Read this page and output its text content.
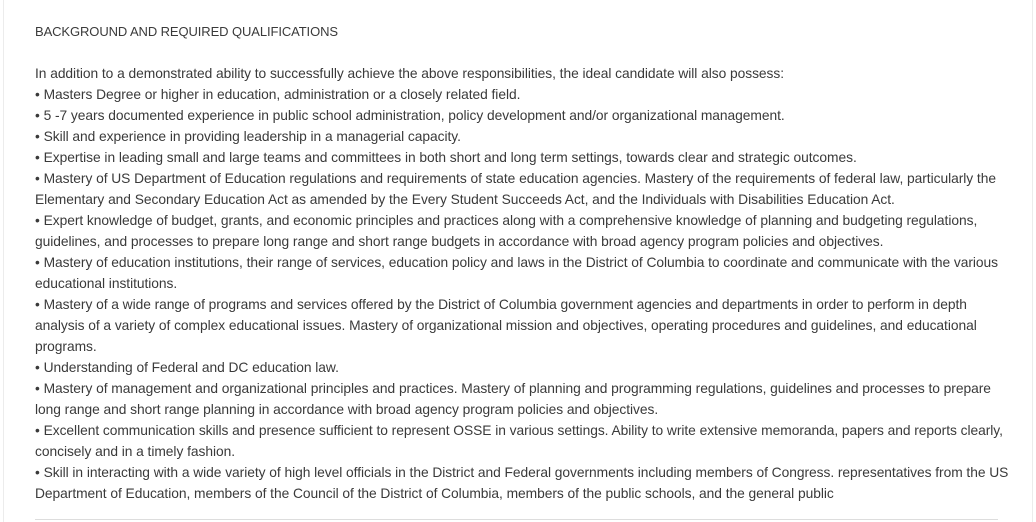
BACKGROUND AND REQUIRED QUALIFICATIONS

In addition to a demonstrated ability to successfully achieve the above responsibilities, the ideal candidate will also possess:

• Masters Degree or higher in education, administration or a closely related field.
• 5 -7 years documented experience in public school administration, policy development and/or organizational management.
• Skill and experience in providing leadership in a managerial capacity.
• Expertise in leading small and large teams and committees in both short and long term settings, towards clear and strategic outcomes.
• Mastery of US Department of Education regulations and requirements of state education agencies. Mastery of the requirements of federal law, particularly the Elementary and Secondary Education Act as amended by the Every Student Succeeds Act, and the Individuals with Disabilities Education Act.
• Expert knowledge of budget, grants, and economic principles and practices along with a comprehensive knowledge of planning and budgeting regulations, guidelines, and processes to prepare long range and short range budgets in accordance with broad agency program policies and objectives.
• Mastery of education institutions, their range of services, education policy and laws in the District of Columbia to coordinate and communicate with the various educational institutions.
• Mastery of a wide range of programs and services offered by the District of Columbia government agencies and departments in order to perform in depth analysis of a variety of complex educational issues. Mastery of organizational mission and objectives, operating procedures and guidelines, and educational programs.
• Understanding of Federal and DC education law.
• Mastery of management and organizational principles and practices. Mastery of planning and programming regulations, guidelines and processes to prepare long range and short range planning in accordance with broad agency program policies and objectives.
• Excellent communication skills and presence sufficient to represent OSSE in various settings. Ability to write extensive memoranda, papers and reports clearly, concisely and in a timely fashion.
• Skill in interacting with a wide variety of high level officials in the District and Federal governments including members of Congress. representatives from the US Department of Education, members of the Council of the District of Columbia, members of the public schools, and the general public
